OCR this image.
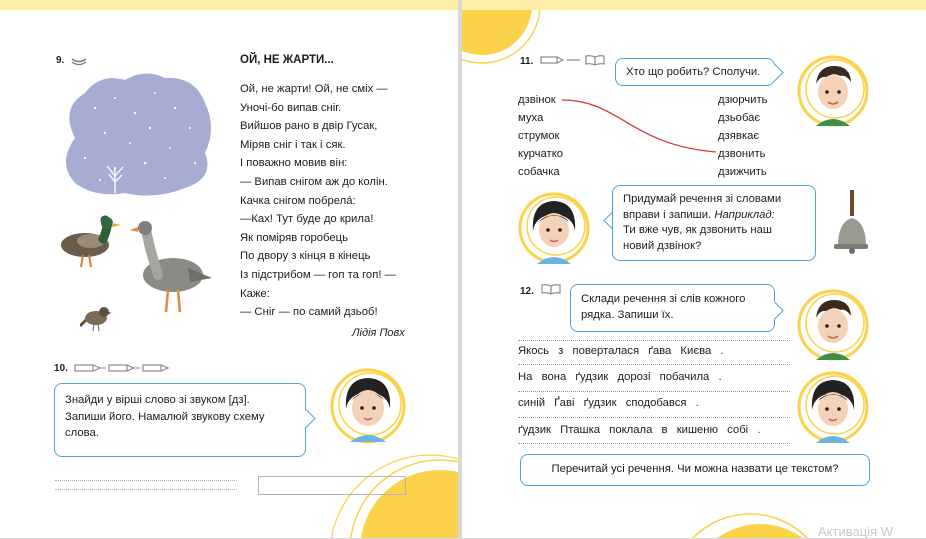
9.	ОЙ, НЕ ЖАРТИ...
Ой, не жарти! Ой, не сміх —
Уночі-бо випав сніг.
Вийшов рано в двір Гусак,
Міряв сніг і так і сяк.
І поважно мовив він:
— Випав снігом аж до колін.
Качка снігом побрела́:
—Ках! Тут буде до крила!
Як поміряв горобець
По двору з кінця в кінець
Із підстрибом — гоп та гоп! —
Каже:
— Сніг — по самий дзьоб!
Лідія Повх
10.
Знайди у вірші слово зі звуком [дз].
Запиши його. Намалюй звукову схему
слова.
11.
Хто що робить? Сполучи.
дзвінок
муха
струмок
курчатко
собачка
дзюрчить
дзьобає
дзявкає
дзвонить
дзижчить
Придумай речення зі словами
вправи і запиши. Наприклад:
Ти вже чув, як дзвонить наш
новий дзвінок?
12.
Склади речення зі слів кожного
рядка. Запиши їх.
Якось з поверталася ґава Києва .
На вона ґудзик дорозі побачила .
синій Ґаві ґудзик сподобався .
ґудзик Пташка поклала в кишеню собі .
Перечитай усі речення. Чи можна назвати це текстом?
Активація W
